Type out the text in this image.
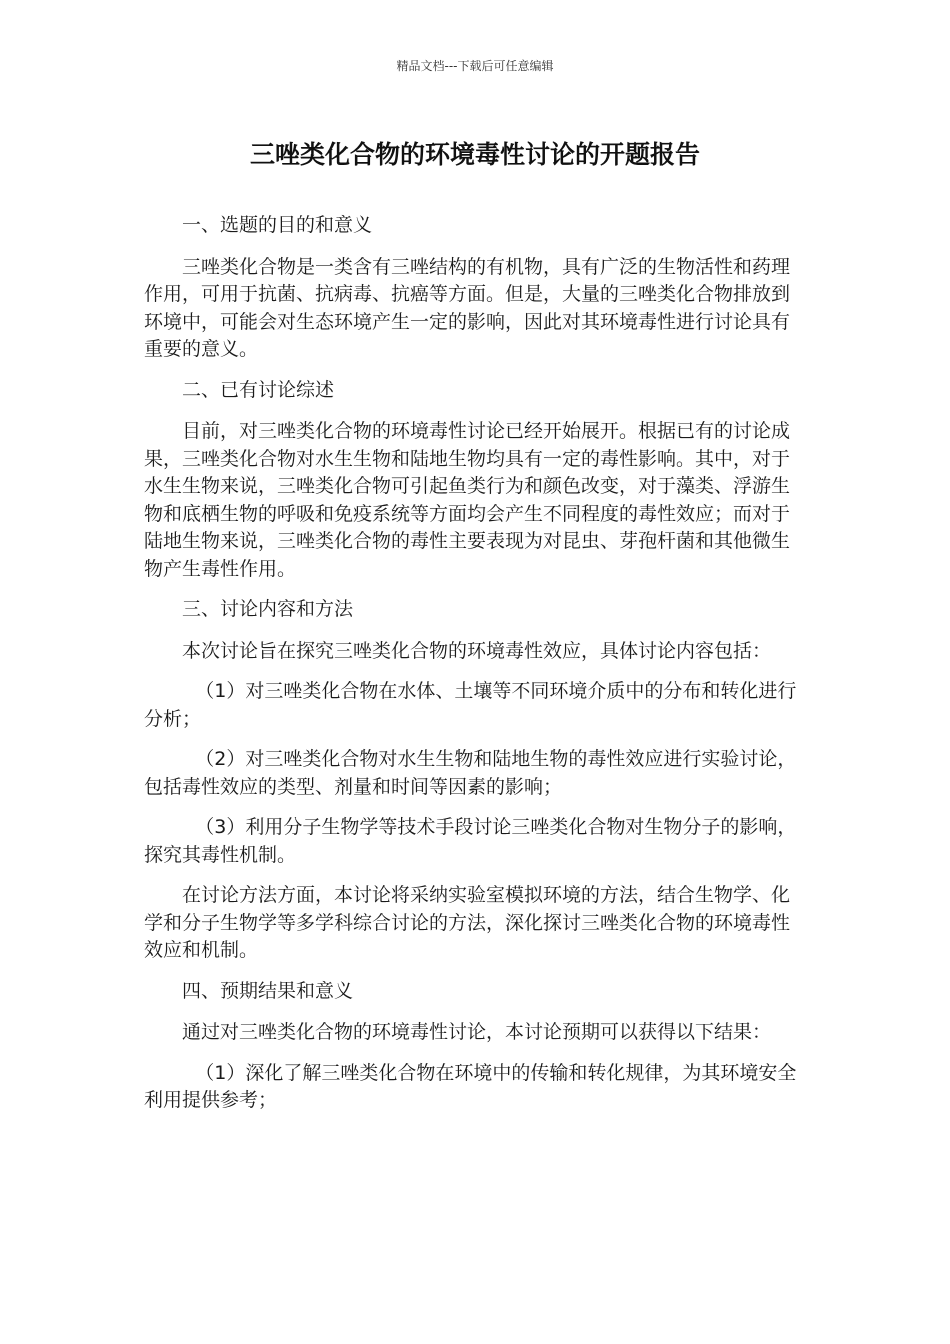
精品文档---下载后可任意编辑
三唑类化合物的环境毒性讨论的开题报告

一、选题的目的和意义

三唑类化合物是一类含有三唑结构的有机物，具有广泛的生物活性和药理作用，可用于抗菌、抗病毒、抗癌等方面。但是，大量的三唑类化合物排放到环境中，可能会对生态环境产生一定的影响，因此对其环境毒性进行讨论具有重要的意义。

二、已有讨论综述

目前，对三唑类化合物的环境毒性讨论已经开始展开。根据已有的讨论成果，三唑类化合物对水生生物和陆地生物均具有一定的毒性影响。其中，对于水生生物来说，三唑类化合物可引起鱼类行为和颜色改变，对于藻类、浮游生物和底栖生物的呼吸和免疫系统等方面均会产生不同程度的毒性效应；而对于陆地生物来说，三唑类化合物的毒性主要表现为对昆虫、芽孢杆菌和其他微生物产生毒性作用。

三、讨论内容和方法

本次讨论旨在探究三唑类化合物的环境毒性效应，具体讨论内容包括：

（1）对三唑类化合物在水体、土壤等不同环境介质中的分布和转化进行分析；

（2）对三唑类化合物对水生生物和陆地生物的毒性效应进行实验讨论，包括毒性效应的类型、剂量和时间等因素的影响；

（3）利用分子生物学等技术手段讨论三唑类化合物对生物分子的影响，探究其毒性机制。

在讨论方法方面，本讨论将采纳实验室模拟环境的方法，结合生物学、化学和分子生物学等多学科综合讨论的方法，深化探讨三唑类化合物的环境毒性效应和机制。

四、预期结果和意义

通过对三唑类化合物的环境毒性讨论，本讨论预期可以获得以下结果：

（1）深化了解三唑类化合物在环境中的传输和转化规律，为其环境安全利用提供参考；
